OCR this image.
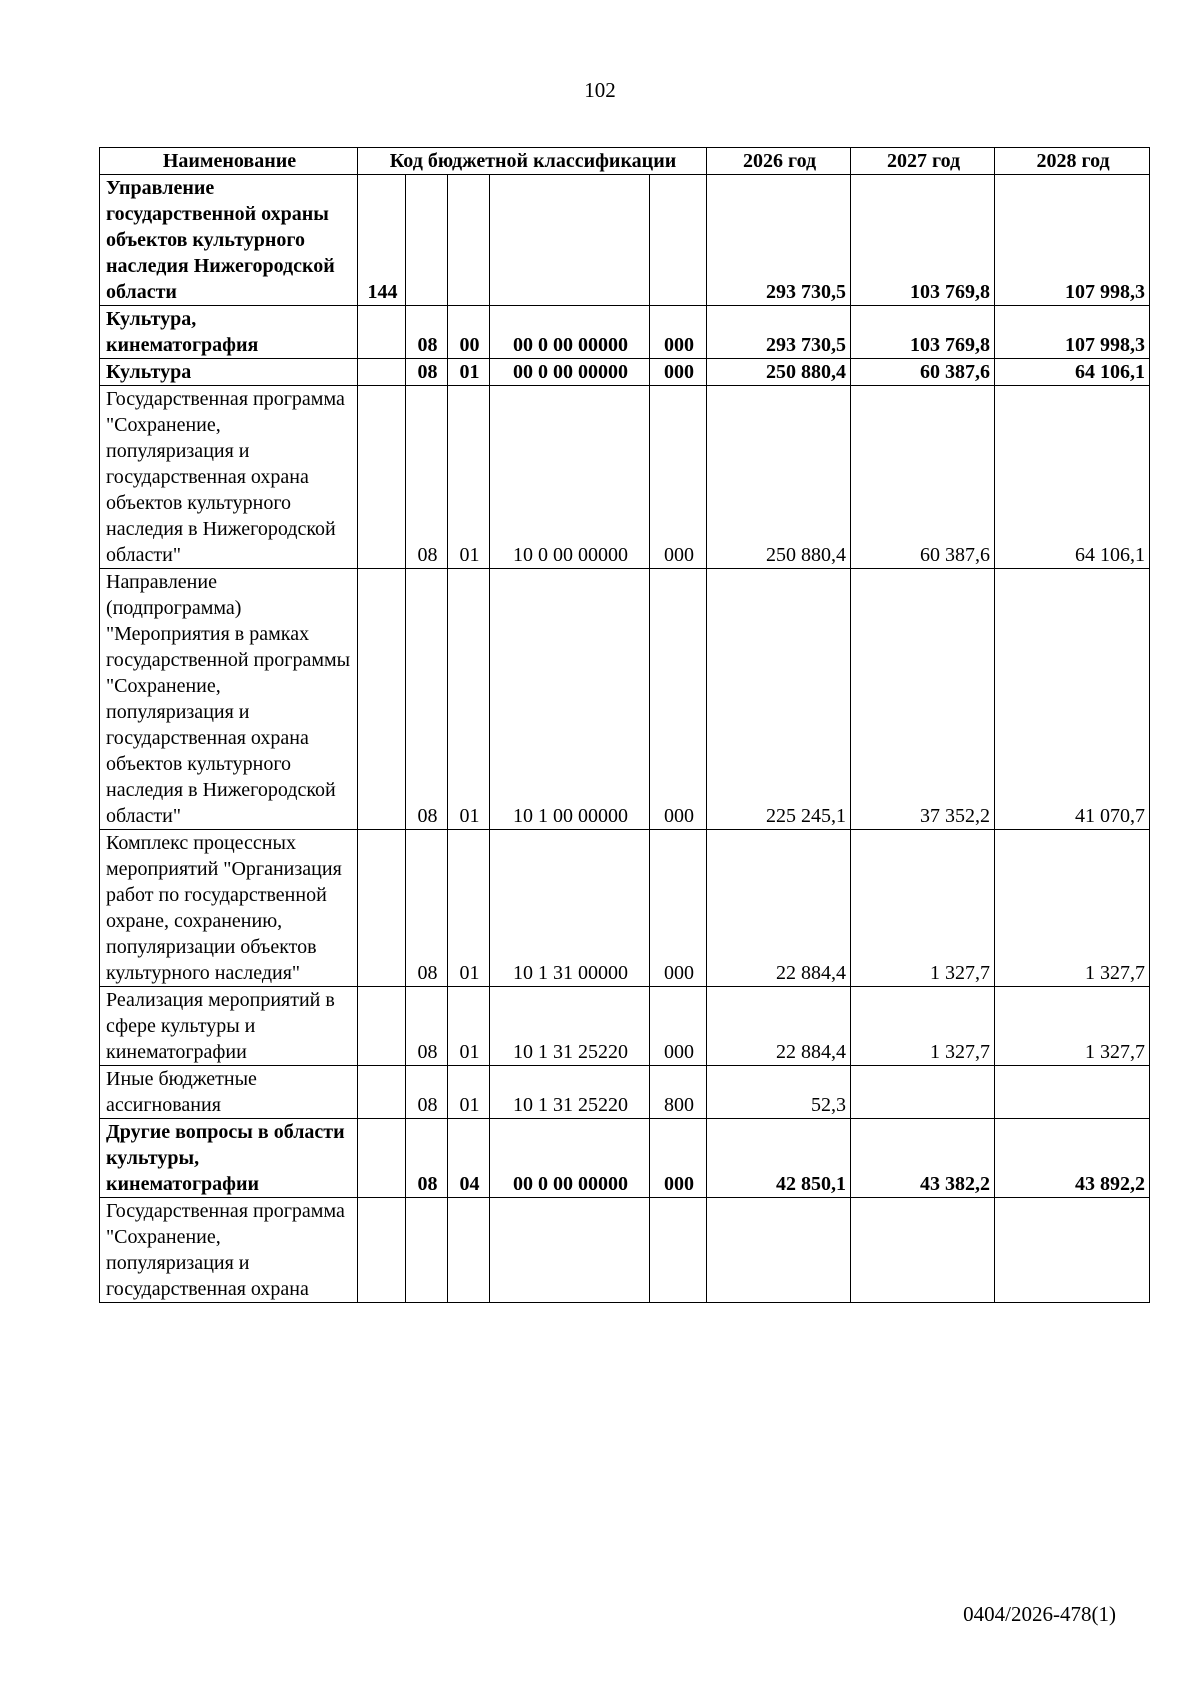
102
Наименование	Код бюджетной классификации					2026 год	2027 год	2028 год
Управление государственной охраны объектов культурного наследия Нижегородской области	144					293 730,5	103 769,8	107 998,3
Культура, кинематография		08	00	00 0 00 00000	000	293 730,5	103 769,8	107 998,3
Культура		08	01	00 0 00 00000	000	250 880,4	60 387,6	64 106,1
Государственная программа "Сохранение, популяризация и государственная охрана объектов культурного наследия в Нижегородской области"		08	01	10 0 00 00000	000	250 880,4	60 387,6	64 106,1
Направление (подпрограмма) "Мероприятия в рамках государственной программы "Сохранение, популяризация и государственная охрана объектов культурного наследия в Нижегородской области"		08	01	10 1 00 00000	000	225 245,1	37 352,2	41 070,7
Комплекс процессных мероприятий "Организация работ по государственной охране, сохранению, популяризации объектов культурного наследия"		08	01	10 1 31 00000	000	22 884,4	1 327,7	1 327,7
Реализация мероприятий в сфере культуры и кинематографии		08	01	10 1 31 25220	000	22 884,4	1 327,7	1 327,7
Иные бюджетные ассигнования		08	01	10 1 31 25220	800	52,3		
Другие вопросы в области культуры, кинематографии		08	04	00 0 00 00000	000	42 850,1	43 382,2	43 892,2
Государственная программа "Сохранение, популяризация и государственная охрана								
0404/2026-478(1)
